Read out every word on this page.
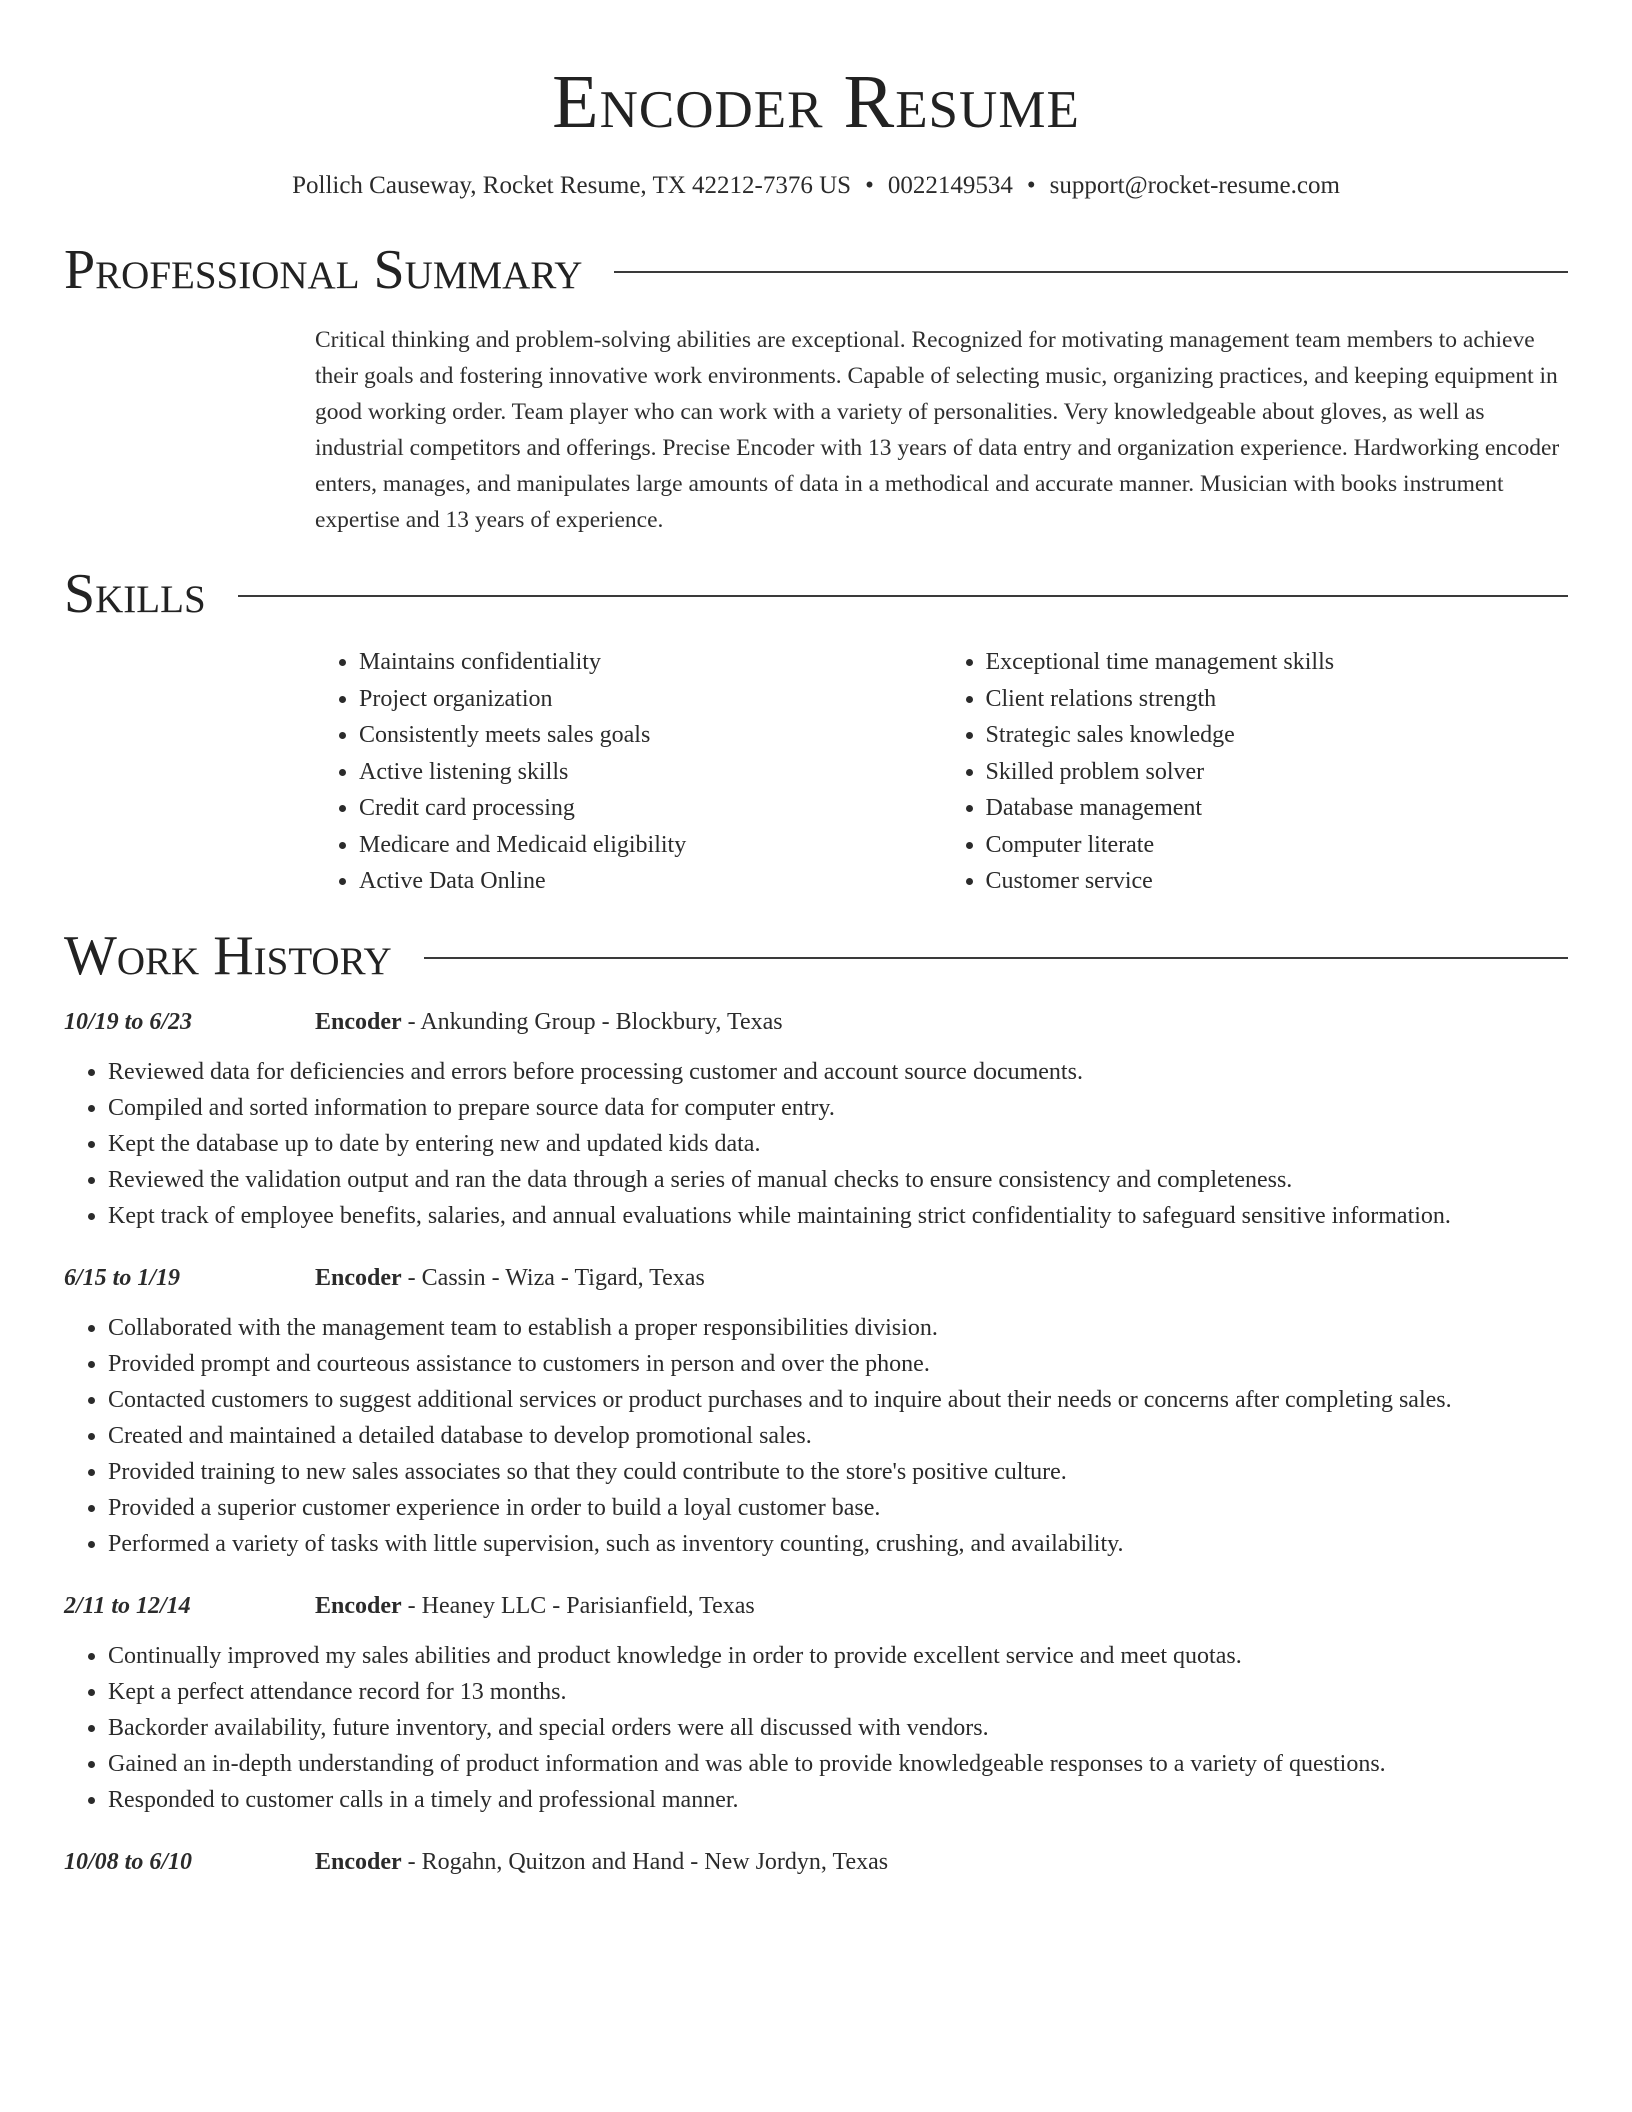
Encoder Resume
Pollich Causeway, Rocket Resume, TX 42212-7376 US • 0022149534 • support@rocket-resume.com
Professional Summary
Critical thinking and problem-solving abilities are exceptional. Recognized for motivating management team members to achieve their goals and fostering innovative work environments. Capable of selecting music, organizing practices, and keeping equipment in good working order. Team player who can work with a variety of personalities. Very knowledgeable about gloves, as well as industrial competitors and offerings. Precise Encoder with 13 years of data entry and organization experience. Hardworking encoder enters, manages, and manipulates large amounts of data in a methodical and accurate manner. Musician with books instrument expertise and 13 years of experience.
Skills
• Maintains confidentiality
• Project organization
• Consistently meets sales goals
• Active listening skills
• Credit card processing
• Medicare and Medicaid eligibility
• Active Data Online
• Exceptional time management skills
• Client relations strength
• Strategic sales knowledge
• Skilled problem solver
• Database management
• Computer literate
• Customer service
Work History
10/19 to 6/23	Encoder - Ankunding Group - Blockbury, Texas
• Reviewed data for deficiencies and errors before processing customer and account source documents.
• Compiled and sorted information to prepare source data for computer entry.
• Kept the database up to date by entering new and updated kids data.
• Reviewed the validation output and ran the data through a series of manual checks to ensure consistency and completeness.
• Kept track of employee benefits, salaries, and annual evaluations while maintaining strict confidentiality to safeguard sensitive information.
6/15 to 1/19	Encoder - Cassin - Wiza - Tigard, Texas
• Collaborated with the management team to establish a proper responsibilities division.
• Provided prompt and courteous assistance to customers in person and over the phone.
• Contacted customers to suggest additional services or product purchases and to inquire about their needs or concerns after completing sales.
• Created and maintained a detailed database to develop promotional sales.
• Provided training to new sales associates so that they could contribute to the store's positive culture.
• Provided a superior customer experience in order to build a loyal customer base.
• Performed a variety of tasks with little supervision, such as inventory counting, crushing, and availability.
2/11 to 12/14	Encoder - Heaney LLC - Parisianfield, Texas
• Continually improved my sales abilities and product knowledge in order to provide excellent service and meet quotas.
• Kept a perfect attendance record for 13 months.
• Backorder availability, future inventory, and special orders were all discussed with vendors.
• Gained an in-depth understanding of product information and was able to provide knowledgeable responses to a variety of questions.
• Responded to customer calls in a timely and professional manner.
10/08 to 6/10	Encoder - Rogahn, Quitzon and Hand - New Jordyn, Texas
